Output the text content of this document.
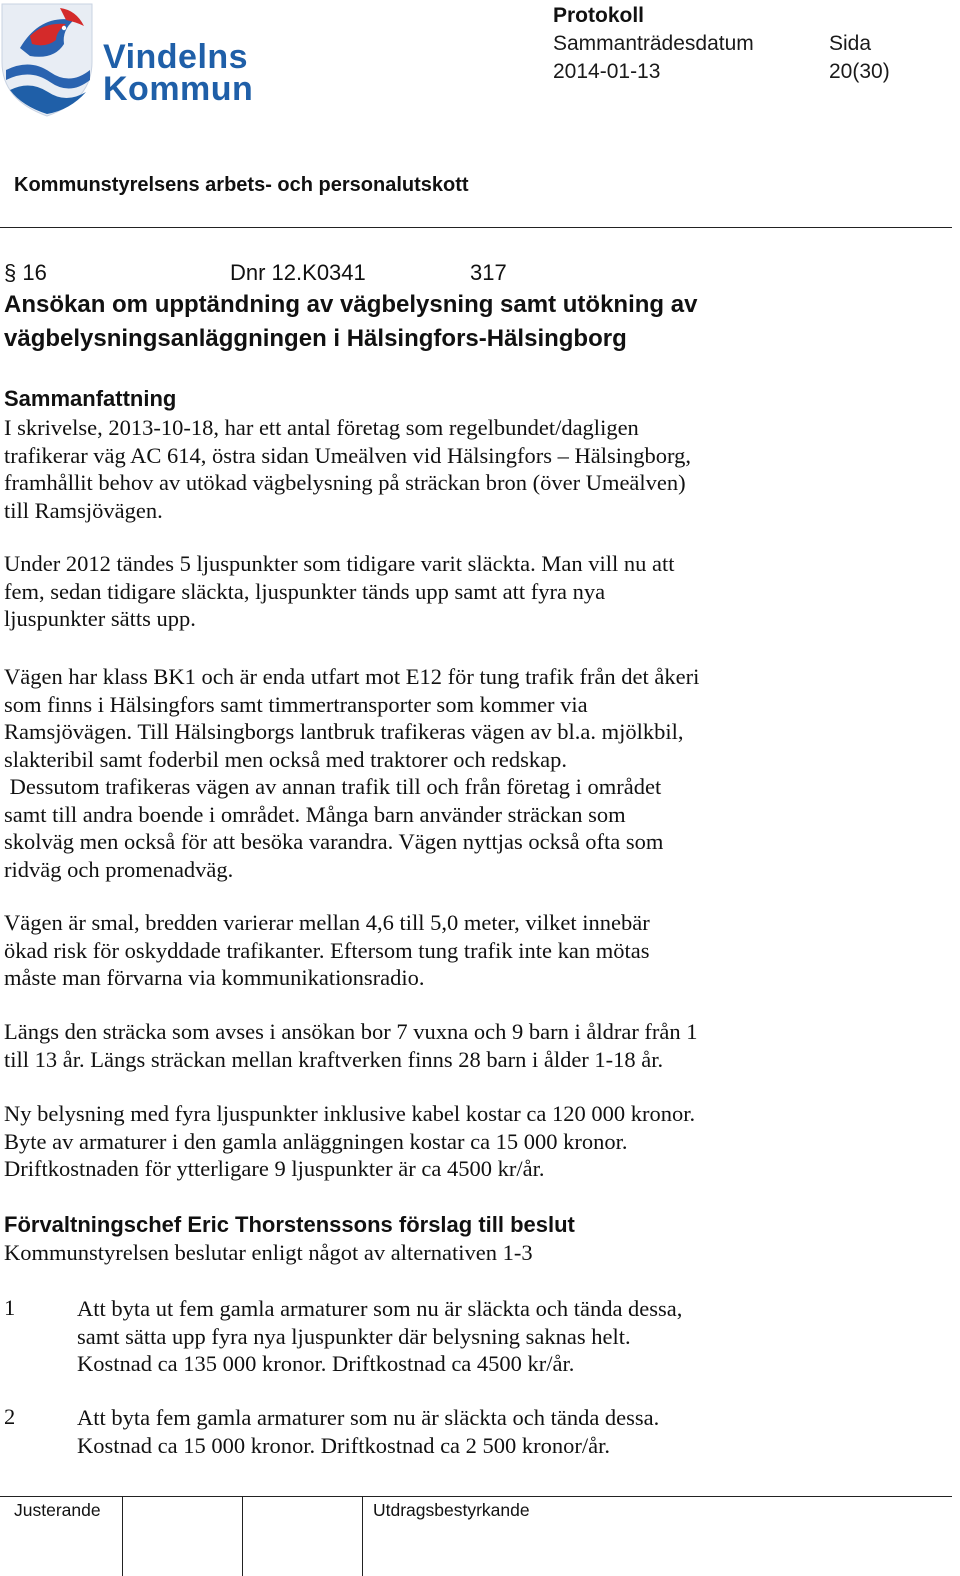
Vindelns
Kommun
Protokoll
Sammanträdesdatum
2014-01-13
Sida
20(30)
Kommunstyrelsens arbets- och personalutskott
§ 16	Dnr 12.K0341	317
Ansökan om upptändning av vägbelysning samt utökning av
vägbelysningsanläggningen i Hälsingfors-Hälsingborg
Sammanfattning
I skrivelse, 2013-10-18, har ett antal företag som regelbundet/dagligen
trafikerar väg AC 614, östra sidan Umeälven vid Hälsingfors – Hälsingborg,
framhållit behov av utökad vägbelysning på sträckan bron (över Umeälven)
till Ramsjövägen.
Under 2012 tändes 5 ljuspunkter som tidigare varit släckta. Man vill nu att
fem, sedan tidigare släckta, ljuspunkter tänds upp samt att fyra nya
ljuspunkter sätts upp.
Vägen har klass BK1 och är enda utfart mot E12 för tung trafik från det åkeri
som finns i Hälsingfors samt timmertransporter som kommer via
Ramsjövägen. Till Hälsingborgs lantbruk trafikeras vägen av bl.a. mjölkbil,
slakteribil samt foderbil men också med traktorer och redskap.
Dessutom trafikeras vägen av annan trafik till och från företag i området
samt till andra boende i området. Många barn använder sträckan som
skolväg men också för att besöka varandra. Vägen nyttjas också ofta som
ridväg och promenadväg.
Vägen är smal, bredden varierar mellan 4,6 till 5,0 meter, vilket innebär
ökad risk för oskyddade trafikanter. Eftersom tung trafik inte kan mötas
måste man förvarna via kommunikationsradio.
Längs den sträcka som avses i ansökan bor 7 vuxna och 9 barn i åldrar från 1
till 13 år. Längs sträckan mellan kraftverken finns 28 barn i ålder 1-18 år.
Ny belysning med fyra ljuspunkter inklusive kabel kostar ca 120 000 kronor.
Byte av armaturer i den gamla anläggningen kostar ca 15 000 kronor.
Driftkostnaden för ytterligare 9 ljuspunkter är ca 4500 kr/år.
Förvaltningschef Eric Thorstenssons förslag till beslut
Kommunstyrelsen beslutar enligt något av alternativen 1-3
1	Att byta ut fem gamla armaturer som nu är släckta och tända dessa,
samt sätta upp fyra nya ljuspunkter där belysning saknas helt.
Kostnad ca 135 000 kronor. Driftkostnad ca 4500 kr/år.
2	Att byta fem gamla armaturer som nu är släckta och tända dessa.
Kostnad ca 15 000 kronor. Driftkostnad ca 2 500 kronor/år.
Justerande	Utdragsbestyrkande
